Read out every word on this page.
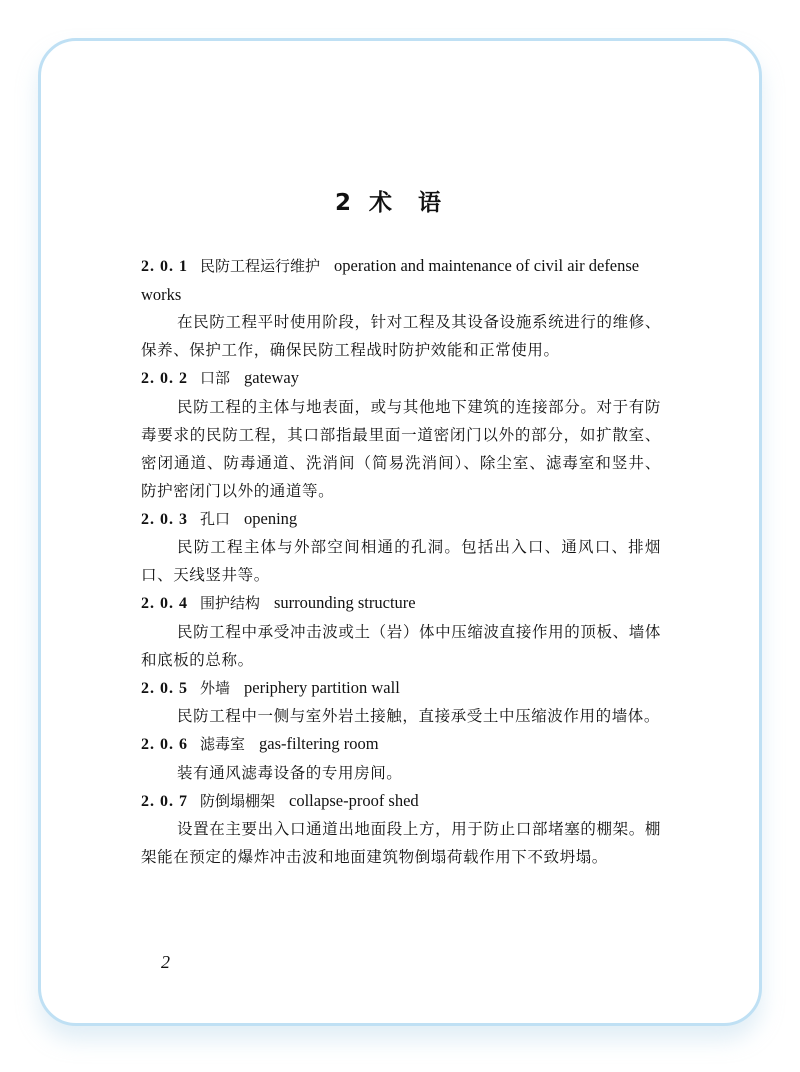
2 术语
2. 0. 1 民防工程运行维护 operation and maintenance of civil air defense works
在民防工程平时使用阶段，针对工程及其设备设施系统进行的维修、保养、保护工作，确保民防工程战时防护效能和正常使用。
2. 0. 2 口部 gateway
民防工程的主体与地表面，或与其他地下建筑的连接部分。对于有防毒要求的民防工程，其口部指最里面一道密闭门以外的部分，如扩散室、密闭通道、防毒通道、洗消间（简易洗消间）、除尘室、滤毒室和竖井、防护密闭门以外的通道等。
2. 0. 3 孔口 opening
民防工程主体与外部空间相通的孔洞。包括出入口、通风口、排烟口、天线竖井等。
2. 0. 4 围护结构 surrounding structure
民防工程中承受冲击波或土（岩）体中压缩波直接作用的顶板、墙体和底板的总称。
2. 0. 5 外墙 periphery partition wall
民防工程中一侧与室外岩土接触，直接承受土中压缩波作用的墙体。
2. 0. 6 滤毒室 gas-filtering room
装有通风滤毒设备的专用房间。
2. 0. 7 防倒塌棚架 collapse-proof shed
设置在主要出入口通道出地面段上方，用于防止口部堵塞的棚架。棚架能在预定的爆炸冲击波和地面建筑物倒塌荷载作用下不致坍塌。
2
